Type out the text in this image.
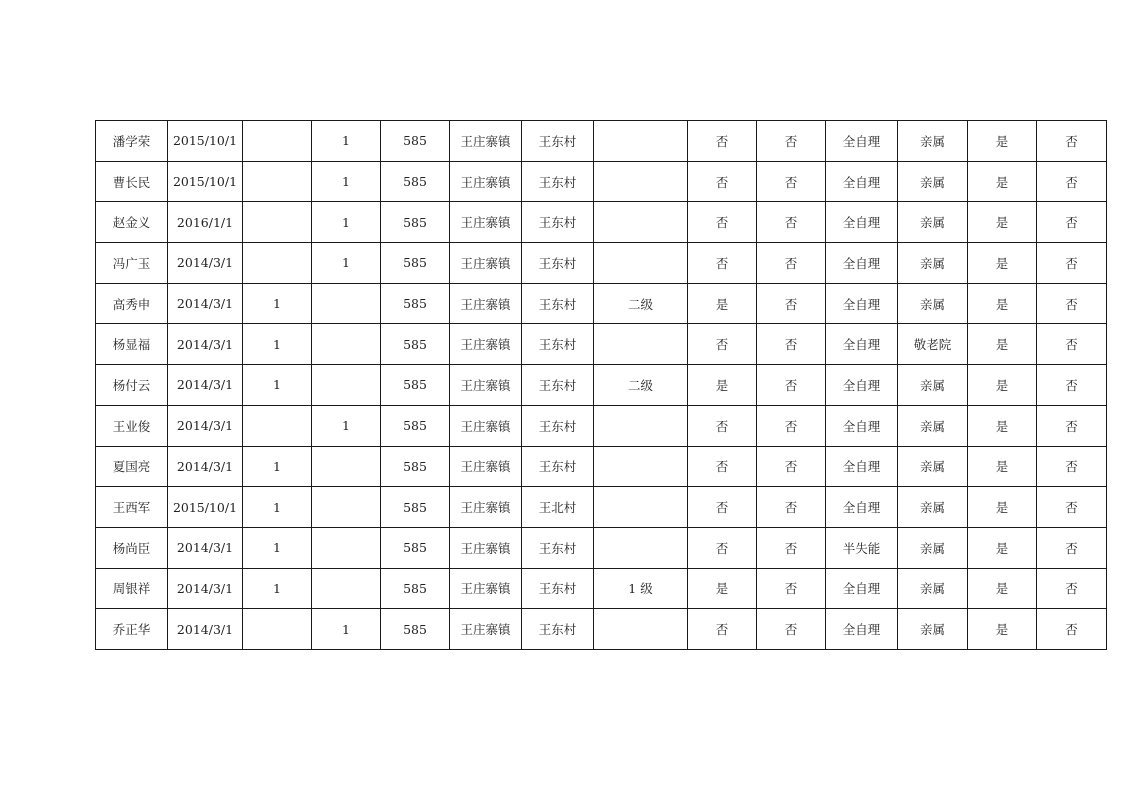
潘学荣	2015/10/1		1	585	王庄寨镇	王东村		否	否	全自理	亲属	是	否
曹长民	2015/10/1		1	585	王庄寨镇	王东村		否	否	全自理	亲属	是	否
赵金义	2016/1/1		1	585	王庄寨镇	王东村		否	否	全自理	亲属	是	否
冯广玉	2014/3/1		1	585	王庄寨镇	王东村		否	否	全自理	亲属	是	否
高秀申	2014/3/1	1		585	王庄寨镇	王东村	二级	是	否	全自理	亲属	是	否
杨显福	2014/3/1	1		585	王庄寨镇	王东村		否	否	全自理	敬老院	是	否
杨付云	2014/3/1	1		585	王庄寨镇	王东村	二级	是	否	全自理	亲属	是	否
王业俊	2014/3/1		1	585	王庄寨镇	王东村		否	否	全自理	亲属	是	否
夏国亮	2014/3/1	1		585	王庄寨镇	王东村		否	否	全自理	亲属	是	否
王西军	2015/10/1	1		585	王庄寨镇	王北村		否	否	全自理	亲属	是	否
杨尚臣	2014/3/1	1		585	王庄寨镇	王东村		否	否	半失能	亲属	是	否
周银祥	2014/3/1	1		585	王庄寨镇	王东村	1 级	是	否	全自理	亲属	是	否
乔正华	2014/3/1		1	585	王庄寨镇	王东村		否	否	全自理	亲属	是	否
